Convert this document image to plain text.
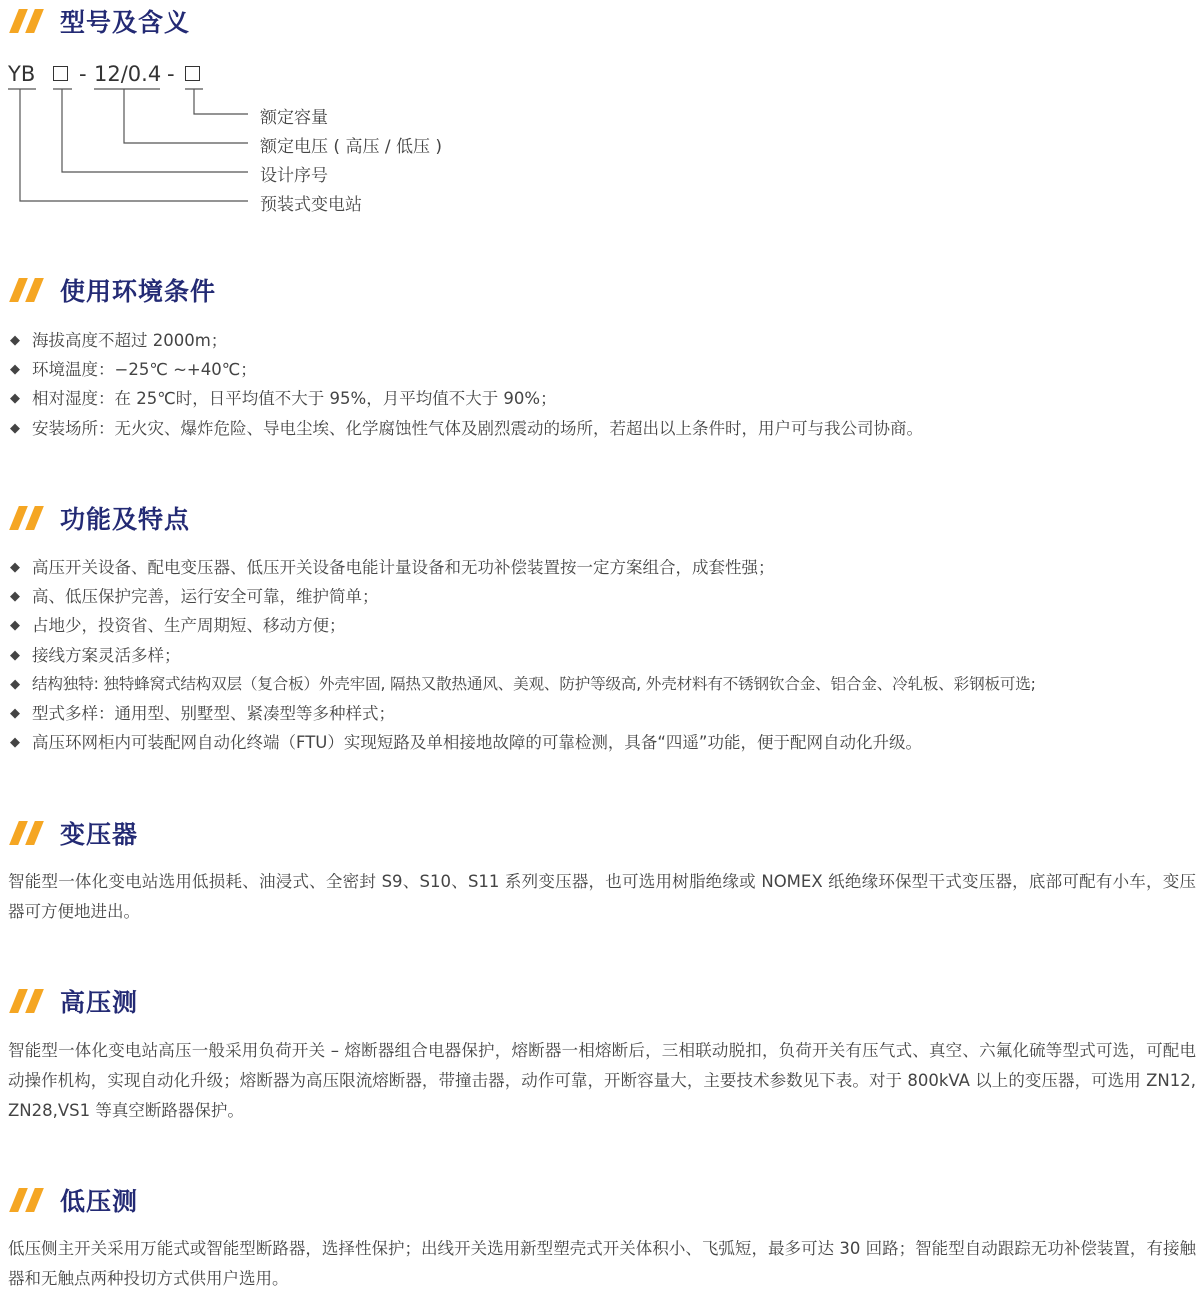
型号及含义
YB - 12/0.4 -
额定容量
额定电压 ( 高压 / 低压 )
设计序号
预装式变电站
使用环境条件
◆ 海拔高度不超过 2000m；
◆ 环境温度：−25℃ ~+40℃；
◆ 相对湿度：在 25℃时，日平均值不大于 95%，月平均值不大于 90%；
◆ 安装场所：无火灾、爆炸危险、导电尘埃、化学腐蚀性气体及剧烈震动的场所，若超出以上条件时，用户可与我公司协商。
功能及特点
◆ 高压开关设备、配电变压器、低压开关设备电能计量设备和无功补偿装置按一定方案组合，成套性强；
◆ 高、低压保护完善，运行安全可靠，维护简单；
◆ 占地少，投资省、生产周期短、移动方便；
◆ 接线方案灵活多样；
◆ 结构独特: 独特蜂窝式结构双层（复合板）外壳牢固, 隔热又散热通风、美观、防护等级高, 外壳材料有不锈钢钦合金、铝合金、冷轧板、彩钢板可选;
◆ 型式多样：通用型、别墅型、紧凑型等多种样式；
◆ 高压环网柜内可装配网自动化终端（FTU）实现短路及单相接地故障的可靠检测，具备“四遥”功能，便于配网自动化升级。
变压器

智能型一体化变电站选用低损耗、油浸式、全密封 S9、S10、S11 系列变压器，也可选用树脂绝缘或 NOMEX 纸绝缘环保型干式变压器，底部可配有小车，变压器可方便地进出。

高压测

智能型一体化变电站高压一般采用负荷开关 – 熔断器组合电器保护，熔断器一相熔断后，三相联动脱扣，负荷开关有压气式、真空、六氟化硫等型式可选，可配电动操作机构，实现自动化升级；熔断器为高压限流熔断器，带撞击器，动作可靠，开断容量大，主要技术参数见下表。对于 800kVA 以上的变压器，可选用 ZN12, ZN28,VS1 等真空断路器保护。

低压测

低压侧主开关采用万能式或智能型断路器，选择性保护；出线开关选用新型塑壳式开关体积小、飞弧短，最多可达 30 回路；智能型自动跟踪无功补偿装置，有接触器和无触点两种投切方式供用户选用。
